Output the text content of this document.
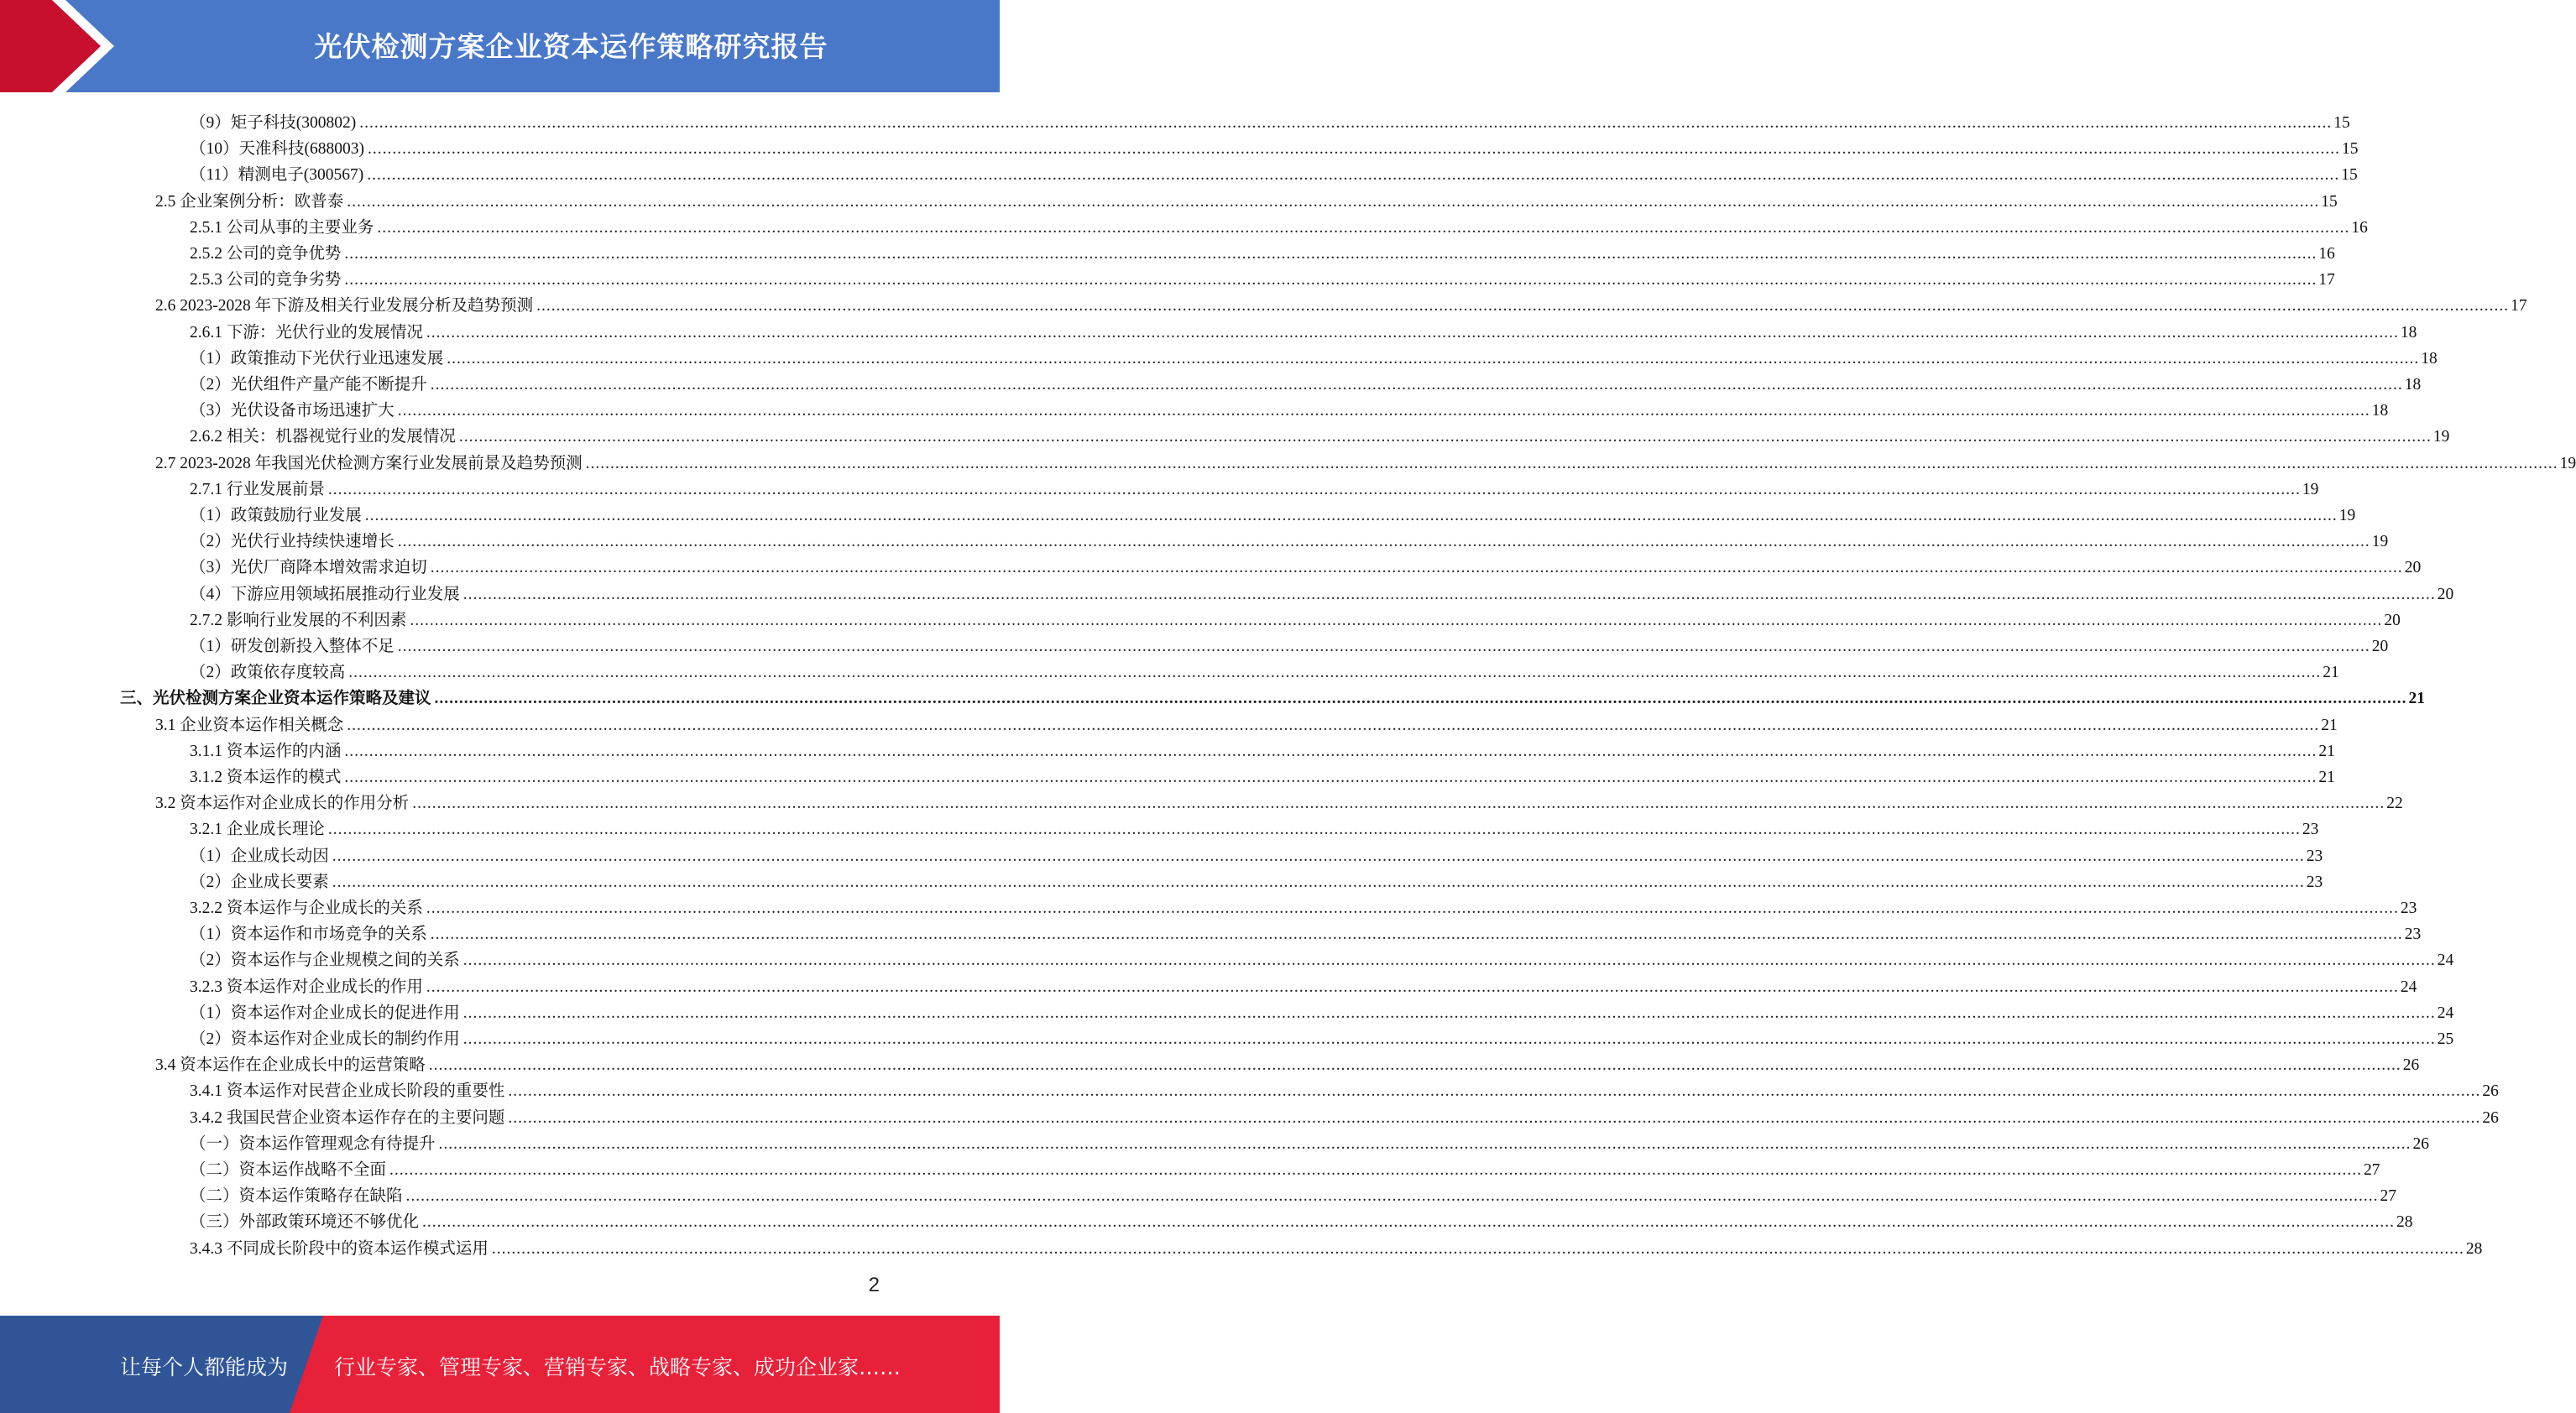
光伏检测方案企业资本运作策略研究报告
（9）矩子科技(300802) ................................................................................................................................................................................................................................................................................................................................................................................................................ 15
（10）天准科技(688003) ................................................................................................................................................................................................................................................................................................................................................................................................................ 15
（11）精测电子(300567) ................................................................................................................................................................................................................................................................................................................................................................................................................ 15
2.5 企业案例分析：欧普泰 ................................................................................................................................................................................................................................................................................................................................................................................................................ 15
2.5.1 公司从事的主要业务 ................................................................................................................................................................................................................................................................................................................................................................................................................ 16
2.5.2 公司的竞争优势 ................................................................................................................................................................................................................................................................................................................................................................................................................ 16
2.5.3 公司的竞争劣势 ................................................................................................................................................................................................................................................................................................................................................................................................................ 17
2.6 2023-2028 年下游及相关行业发展分析及趋势预测 ................................................................................................................................................................................................................................................................................................................................................................................................................ 17
2.6.1 下游：光伏行业的发展情况 ................................................................................................................................................................................................................................................................................................................................................................................................................ 18
（1）政策推动下光伏行业迅速发展 ................................................................................................................................................................................................................................................................................................................................................................................................................ 18
（2）光伏组件产量产能不断提升 ................................................................................................................................................................................................................................................................................................................................................................................................................ 18
（3）光伏设备市场迅速扩大 ................................................................................................................................................................................................................................................................................................................................................................................................................ 18
2.6.2 相关：机器视觉行业的发展情况 ................................................................................................................................................................................................................................................................................................................................................................................................................ 19
2.7 2023-2028 年我国光伏检测方案行业发展前景及趋势预测 ................................................................................................................................................................................................................................................................................................................................................................................................................ 19
2.7.1 行业发展前景 ................................................................................................................................................................................................................................................................................................................................................................................................................ 19
（1）政策鼓励行业发展 ................................................................................................................................................................................................................................................................................................................................................................................................................ 19
（2）光伏行业持续快速增长 ................................................................................................................................................................................................................................................................................................................................................................................................................ 19
（3）光伏厂商降本增效需求迫切 ................................................................................................................................................................................................................................................................................................................................................................................................................ 20
（4）下游应用领域拓展推动行业发展 ................................................................................................................................................................................................................................................................................................................................................................................................................ 20
2.7.2 影响行业发展的不利因素 ................................................................................................................................................................................................................................................................................................................................................................................................................ 20
（1）研发创新投入整体不足 ................................................................................................................................................................................................................................................................................................................................................................................................................ 20
（2）政策依存度较高 ................................................................................................................................................................................................................................................................................................................................................................................................................ 21
三、光伏检测方案企业资本运作策略及建议 ................................................................................................................................................................................................................................................................................................................................................................................................................ 21
3.1 企业资本运作相关概念 ................................................................................................................................................................................................................................................................................................................................................................................................................ 21
3.1.1 资本运作的内涵 ................................................................................................................................................................................................................................................................................................................................................................................................................ 21
3.1.2 资本运作的模式 ................................................................................................................................................................................................................................................................................................................................................................................................................ 21
3.2 资本运作对企业成长的作用分析 ................................................................................................................................................................................................................................................................................................................................................................................................................ 22
3.2.1 企业成长理论 ................................................................................................................................................................................................................................................................................................................................................................................................................ 23
（1）企业成长动因 ................................................................................................................................................................................................................................................................................................................................................................................................................ 23
（2）企业成长要素 ................................................................................................................................................................................................................................................................................................................................................................................................................ 23
3.2.2 资本运作与企业成长的关系 ................................................................................................................................................................................................................................................................................................................................................................................................................ 23
（1）资本运作和市场竞争的关系 ................................................................................................................................................................................................................................................................................................................................................................................................................ 23
（2）资本运作与企业规模之间的关系 ................................................................................................................................................................................................................................................................................................................................................................................................................ 24
3.2.3 资本运作对企业成长的作用 ................................................................................................................................................................................................................................................................................................................................................................................................................ 24
（1）资本运作对企业成长的促进作用 ................................................................................................................................................................................................................................................................................................................................................................................................................ 24
（2）资本运作对企业成长的制约作用 ................................................................................................................................................................................................................................................................................................................................................................................................................ 25
3.4 资本运作在企业成长中的运营策略 ................................................................................................................................................................................................................................................................................................................................................................................................................ 26
3.4.1 资本运作对民营企业成长阶段的重要性 ................................................................................................................................................................................................................................................................................................................................................................................................................ 26
3.4.2 我国民营企业资本运作存在的主要问题 ................................................................................................................................................................................................................................................................................................................................................................................................................ 26
（一）资本运作管理观念有待提升 ................................................................................................................................................................................................................................................................................................................................................................................................................ 26
（二）资本运作战略不全面 ................................................................................................................................................................................................................................................................................................................................................................................................................ 27
（二）资本运作策略存在缺陷 ................................................................................................................................................................................................................................................................................................................................................................................................................ 27
（三）外部政策环境还不够优化 ................................................................................................................................................................................................................................................................................................................................................................................................................ 28
3.4.3 不同成长阶段中的资本运作模式运用 ................................................................................................................................................................................................................................................................................................................................................................................................................ 28
2
让每个人都能成为 行业专家、管理专家、营销专家、战略专家、成功企业家……
